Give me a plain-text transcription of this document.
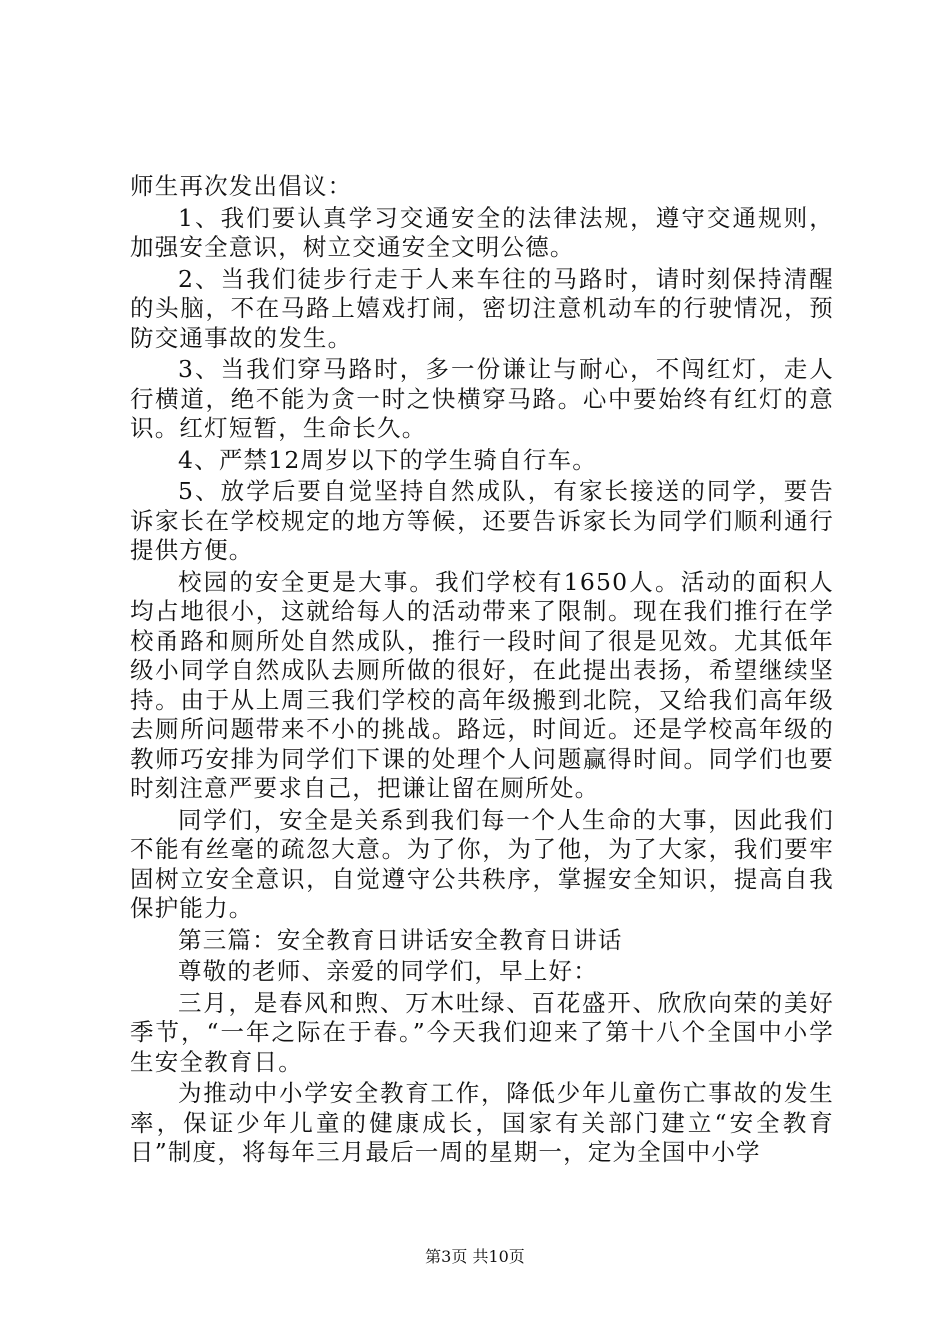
师生再次发出倡议：

1、我们要认真学习交通安全的法律法规，遵守交通规则，加强安全意识，树立交通安全文明公德。

2、当我们徒步行走于人来车往的马路时，请时刻保持清醒的头脑，不在马路上嬉戏打闹，密切注意机动车的行驶情况，预防交通事故的发生。

3、当我们穿马路时，多一份谦让与耐心，不闯红灯，走人行横道，绝不能为贪一时之快横穿马路。心中要始终有红灯的意识。红灯短暂，生命长久。

4、严禁12周岁以下的学生骑自行车。

5、放学后要自觉坚持自然成队，有家长接送的同学，要告诉家长在学校规定的地方等候，还要告诉家长为同学们顺利通行提供方便。

校园的安全更是大事。我们学校有1650人。活动的面积人均占地很小，这就给每人的活动带来了限制。现在我们推行在学校甬路和厕所处自然成队，推行一段时间了很是见效。尤其低年级小同学自然成队去厕所做的很好，在此提出表扬，希望继续坚持。由于从上周三我们学校的高年级搬到北院，又给我们高年级去厕所问题带来不小的挑战。路远，时间近。还是学校高年级的教师巧安排为同学们下课的处理个人问题赢得时间。同学们也要时刻注意严要求自己，把谦让留在厕所处。

同学们，安全是关系到我们每一个人生命的大事，因此我们不能有丝毫的疏忽大意。为了你，为了他，为了大家，我们要牢固树立安全意识，自觉遵守公共秩序，掌握安全知识，提高自我保护能力。

第三篇：安全教育日讲话安全教育日讲话

尊敬的老师、亲爱的同学们，早上好：

三月，是春风和煦、万木吐绿、百花盛开、欣欣向荣的美好季节，“一年之际在于春。”今天我们迎来了第十八个全国中小学生安全教育日。

为推动中小学安全教育工作，降低少年儿童伤亡事故的发生率，保证少年儿童的健康成长，国家有关部门建立“安全教育日”制度，将每年三月最后一周的星期一，定为全国中小学

第3页 共10页
